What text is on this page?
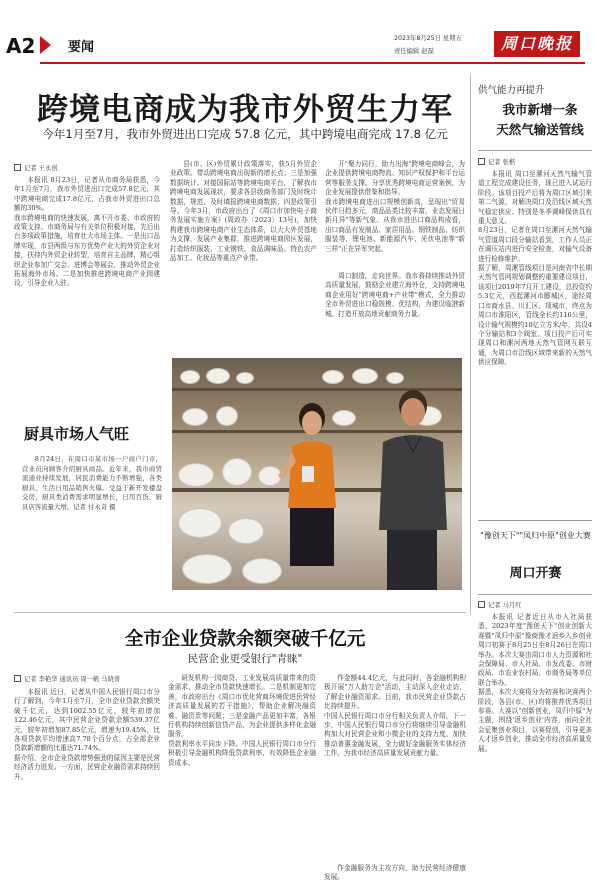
A2	要闻
2023年8月25日 星期五
责任编辑 赵磊	周口晚报
跨境电商成为我市外贸生力军
今年1月至7月，我市外贸进出口完成 57.8 亿元，其中跨境电商完成 17.8 亿元
记者 王永创
本报讯 8月23日，记者从市商务局获悉，今年1月至7月，我市外贸进出口完成57.8亿元，其中跨境电商完成17.8亿元，占我市外贸进出口总额的30%。
我市跨境电商的快速发展，离不开市委、市政府的政策支持。市商务局与有关单位积极对接，先后出台多项政策措施，培育壮大市场主体。一是出口品牌实现，市县两级与东方优势产业大的外贸企业对接，扶持内外贸企业转型，培育自主品牌，精心组织企业参加广交会、进博会等展会，推动外贸企业拓展海外市场。二是加快推进跨境电商产业园建设，引导企业入驻。
县(市、区)外贸累计政策落实，获5月外贸企业政策。带动跨境电商出现新的增长点；三是加强数据统计。对接国际站等跨境电商平台，了解我市跨境电商发展现状，要求各县级商务部门及时统计数据，规范、及时填报跨境电商数据；四是政策引导。今年3月，市政府出台了《周口市加快电子商务发展实施方案》(周政办〔2023〕13号)，加快构建我市跨境电商产业生态体系，以大大外贸基地为支撑，发展产业集群，推进跨境电商园区发展，打造纺织服装、工业钢铁、食品调味品、特色农产品加工、化妆品等重点产业带。
开"聚力同行，助力出海"跨境电商峰会，为企业提供跨境电商物流、知识产权保护和平台运营等服务支撑。分享优秀跨境电商运营案例，为企业发展提供借鉴和指导。
我市跨境电商进出口规模创新高，呈现出"贸易伙伴日趋多元，商品品类比较丰富，业态发展日新月异"等新气象。从我市进出口商品构成看，出口商品有发制品、家居用品、钢铁制品、纺织服装等，锂电池、新能源汽车、光伏电池等"新三样"正在异军突起。
周口制造，走向世界。我市将持续推动外贸高质量发展，鼓励企业建立海外仓，支持跨境电商企业用好"跨境电商+产业带"模式，全力推动全市外贸进出口稳规模、优结构，为建设临港新城、打造开放高地贡献商务力量。
厨具市场人气旺
8月24日，在周口市某市场一户商户门市，营业员向顾客介绍厨具商品。近年来，我市商贸流通业持续发展，居民消费能力不断增强，各类厨具、生活日用品销售火爆。受益于新开发楼盘交房，厨具类消费需求明显增长，日用百货、厨具店客流量大增。记者 付永奇 摄
供气能力再提升
我市新增一条
天然气输送管线
记者 张楷
本报讯 周口至漯河天然气输气管道工程完成建设任务，现已进入试运行阶段。该项目投产后将为周口区域引来第二气源，对解决周口及沿线区域天然气稳定供应、特别是冬季调峰保供具有重大意义。
8月23日，记者在周口至漯河天然气输气管道周口段分输站看到，工作人员正在调压站内进行安全检查，对输气设备进行检修维护。
据了解，周漯管线项目是河南省中长期天然气管网规划调整的重要建设项目，该项目2019年7月开工建设，总投资约5.3亿元，西起漯河市郾城区，途经周口市商水县、川汇区、项城市，终点为周口市淮阳区，管线全长约116公里，设计输气规模约10亿立方米/年，共设4个分输站和3个阀室。项目投产后可实现周口和漯河两地天然气管网互联互通，为周口市沿线区域带来新的天然气供应保障。
"豫创天下""凤归中原"创业大赛
周口开赛
记者 马月红
本报讯 记者近日从市人社局获悉，2023年度"豫创天下"创业创新大赛暨"凤归中原"豫商豫才返乡入乡创业周口初赛于8月25日至8月26日在周口举办。本次大赛由周口市人力资源和社会保障局、市人社局、市发改委、市财政局、市农业农村局、市商务局等单位联合举办。
据悉，本次大赛将分为初赛和决赛两个阶段，各县(市、区)均将推荐优秀项目参赛。大赛以"创新创业，凤归中原"为主题，围绕'返乡创业'内容，面向全社会征集创业项目，以赛促创，引导更多人才返乡创业，推动全市经济高质量发展。
全市企业贷款余额突破千亿元
民营企业更受银行"青睐"
记者 李艳华 通讯员 周一帆 马晓菁
本报讯 近日，记者从中国人民银行周口市分行了解到，今年1月至7月，全市企业贷款余额突破千亿元，达到1002.55亿元，较年初增加122.46亿元，其中民营企业贷款余额539.37亿元，较年初增加87.85亿元，增速为19.45%，比各项贷款平均增速高7.78个百分点，占全部企业贷款新增额的比重达71.74%。
据介绍，全市企业贷款增势强劲的原因主要是民营经济活力迸发。一方面，民营企业融资需求持续回升。
研发机构一园商贷、工业发展高质量带来的资金需求，推动全市贷款快速增长。二是机制更加完善，市政府出台《周口市优化营商环境促进民营经济高质量发展的若干措施》，帮助企业解决融资难、融资贵等问题；三是金融产品更加丰富，各银行机构持续创新信贷产品，为企业提供多样化金融服务。
贷款利率水平同步下降。中国人民银行周口市分行积极引导金融机构降低贷款利率，有效降低企业融资成本。
作金额44.4亿元，与此同时，各金融机构积极开展"万人助万企"活动，主动深入企业走访，了解企业融资需求。目前，我市民营企业贷款占比持续提升。
中国人民银行周口市分行相关负责人介绍，下一步，中国人民银行周口市分行将继续引导金融机构加大对民营企业和小微企业的支持力度，加快推动普惠金融发展，全力做好金融服务实体经济工作，为我市经济高质量发展贡献力量。
作金融服务为主攻方向，助力民营经济健康发展。
